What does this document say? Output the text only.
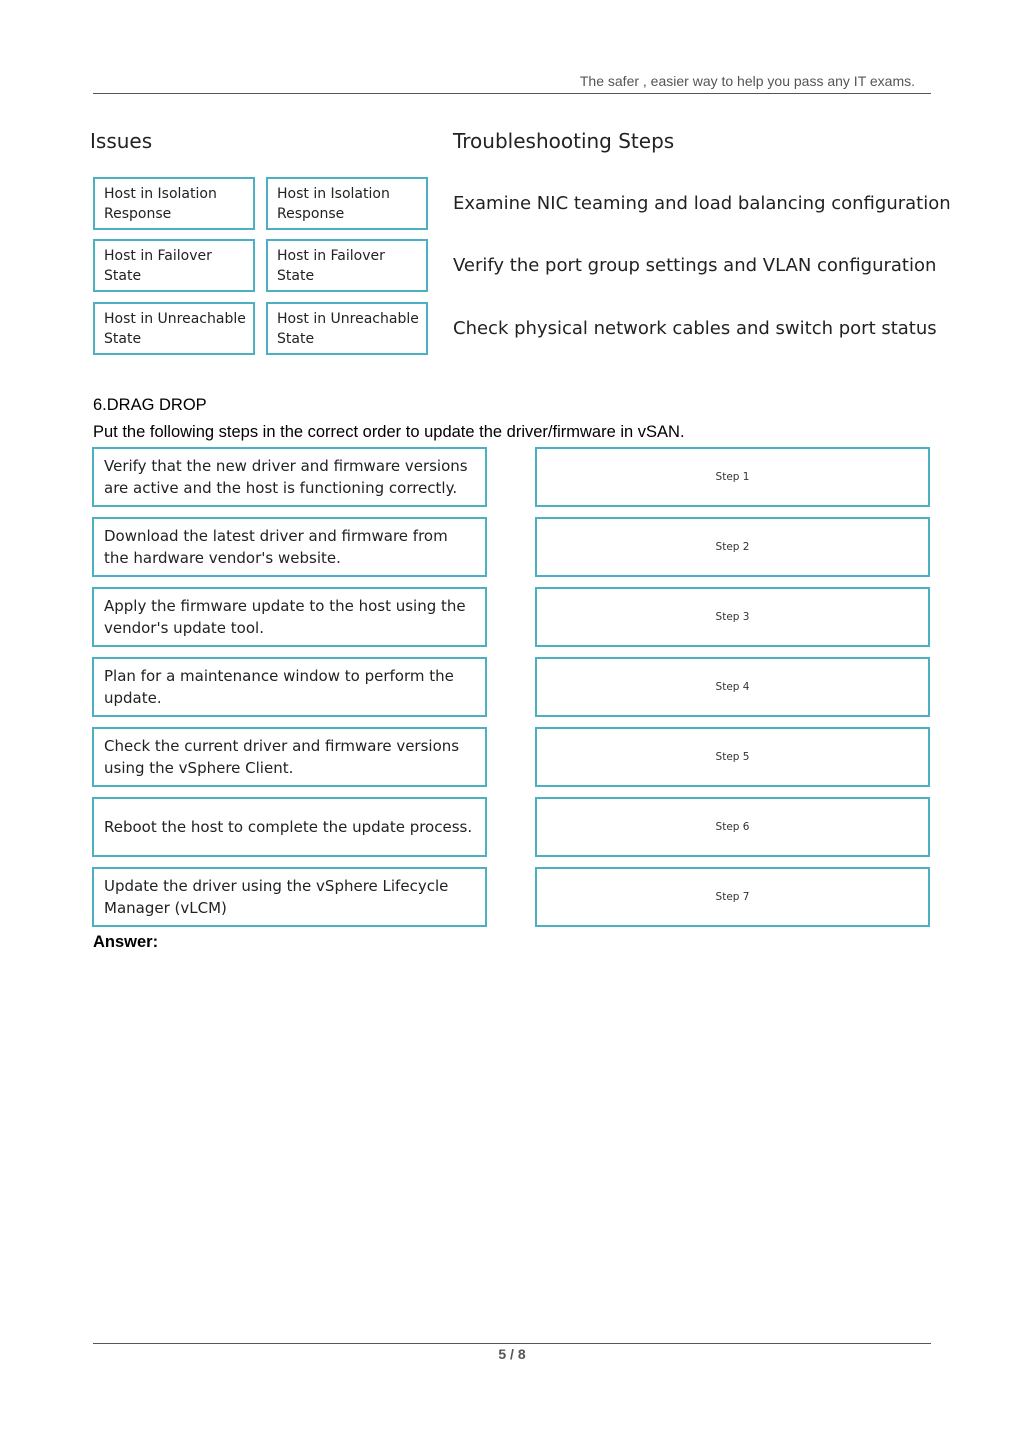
The safer , easier way to help you pass any IT exams.
Issues	Troubleshooting Steps
Host in Isolation Response
Host in Failover State
Host in Unreachable State
Host in Isolation Response
Host in Failover State
Host in Unreachable State
Examine NIC teaming and load balancing configuration
Verify the port group settings and VLAN configuration
Check physical network cables and switch port status
6.DRAG DROP
Put the following steps in the correct order to update the driver/firmware in vSAN.
Verify that the new driver and firmware versions are active and the host is functioning correctly.
Download the latest driver and firmware from the hardware vendor's website.
Apply the firmware update to the host using the vendor's update tool.
Plan for a maintenance window to perform the update.
Check the current driver and firmware versions using the vSphere Client.
Reboot the host to complete the update process.
Update the driver using the vSphere Lifecycle Manager (vLCM)
Step 1
Step 2
Step 3
Step 4
Step 5
Step 6
Step 7
Answer:
5 / 8
